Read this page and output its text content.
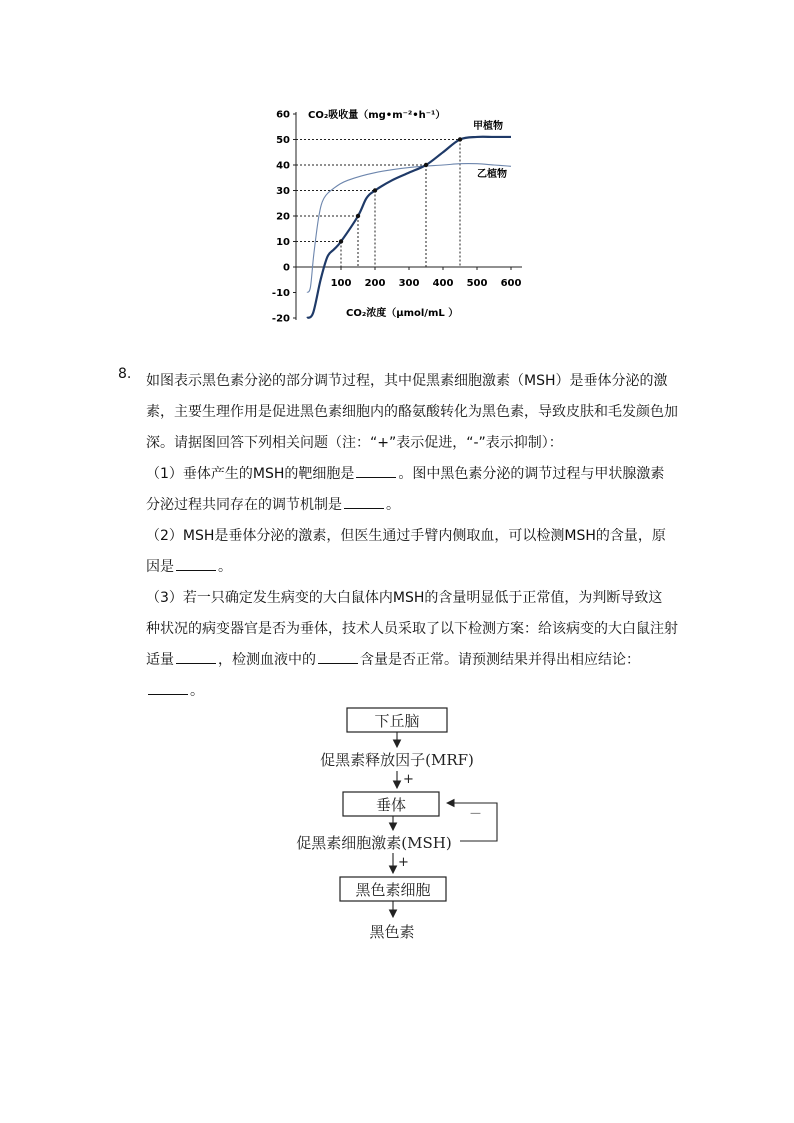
-20
-10
0
10
20
30
40
50
60
100 200 300 400 500 600
CO₂吸收量（mg•m⁻²•h⁻¹）
CO₂浓度（μmol/mL ）
甲植物
乙植物
8. 如图表示黑色素分泌的部分调节过程，其中促黑素细胞激素（MSH）是垂体分泌的激

素，主要生理作用是促进黑色素细胞内的酪氨酸转化为黑色素，导致皮肤和毛发颜色加

深。请据图回答下列相关问题（注：“+”表示促进，“-”表示抑制）：

（1）垂体产生的MSH的靶细胞是	。图中黑色素分泌的调节过程与甲状腺激素

分泌过程共同存在的调节机制是	。

（2）MSH是垂体分泌的激素，但医生通过手臂内侧取血，可以检测MSH的含量，原

因是	。

（3）若一只确定发生病变的大白鼠体内MSH的含量明显低于正常值，为判断导致这

种状况的病变器官是否为垂体，技术人员采取了以下检测方案：给该病变的大白鼠注射

适量	，检测血液中的	含量是否正常。请预测结果并得出相应结论：

。

下丘脑
促黑素释放因子(MRF)
+
垂体
促黑素细胞激素(MSH)
－
+
黑色素细胞
黑色素
